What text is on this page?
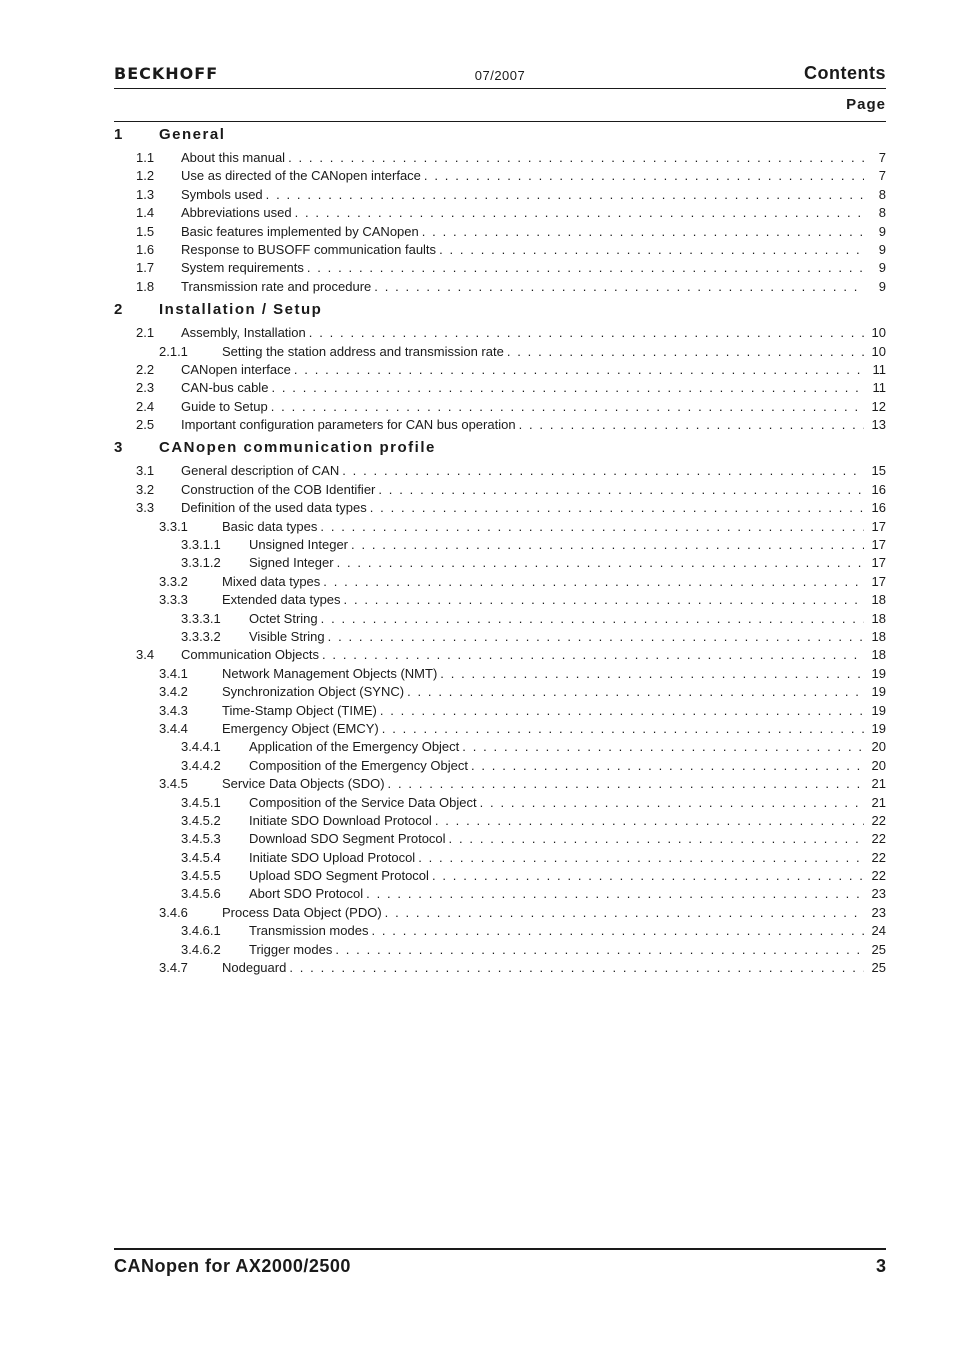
BECKHOFF	07/2007	Contents
Page
1	General
1.1	About this manual . . .	7
1.2	Use as directed of the CANopen interface . . .	7
1.3	Symbols used . . .	8
1.4	Abbreviations used . . .	8
1.5	Basic features implemented by CANopen . . .	9
1.6	Response to BUSOFF communication faults . . .	9
1.7	System requirements . . .	9
1.8	Transmission rate and procedure . . .	9
2	Installation / Setup
2.1	Assembly, Installation . . .	10
2.1.1	Setting the station address and transmission rate . . .	10
2.2	CANopen interface . . .	11
2.3	CAN-bus cable . . .	11
2.4	Guide to Setup . . .	12
2.5	Important configuration parameters for CAN bus operation . . .	13
3	CANopen communication profile
3.1	General description of CAN . . .	15
3.2	Construction of the COB Identifier . . .	16
3.3	Definition of the used data types . . .	16
3.3.1	Basic data types . . .	17
3.3.1.1	Unsigned Integer . . .	17
3.3.1.2	Signed Integer . . .	17
3.3.2	Mixed data types . . .	17
3.3.3	Extended data types . . .	18
3.3.3.1	Octet String . . .	18
3.3.3.2	Visible String . . .	18
3.4	Communication Objects . . .	18
3.4.1	Network Management Objects (NMT) . . .	19
3.4.2	Synchronization Object (SYNC) . . .	19
3.4.3	Time-Stamp Object (TIME) . . .	19
3.4.4	Emergency Object (EMCY) . . .	19
3.4.4.1	Application of the Emergency Object . . .	20
3.4.4.2	Composition of the Emergency Object . . .	20
3.4.5	Service Data Objects (SDO) . . .	21
3.4.5.1	Composition of the Service Data Object . . .	21
3.4.5.2	Initiate SDO Download Protocol . . .	22
3.4.5.3	Download SDO Segment Protocol . . .	22
3.4.5.4	Initiate SDO Upload Protocol . . .	22
3.4.5.5	Upload SDO Segment Protocol . . .	22
3.4.5.6	Abort SDO Protocol . . .	23
3.4.6	Process Data Object (PDO) . . .	23
3.4.6.1	Transmission modes . . .	24
3.4.6.2	Trigger modes . . .	25
3.4.7	Nodeguard . . .	25
CANopen for AX2000/2500	3
